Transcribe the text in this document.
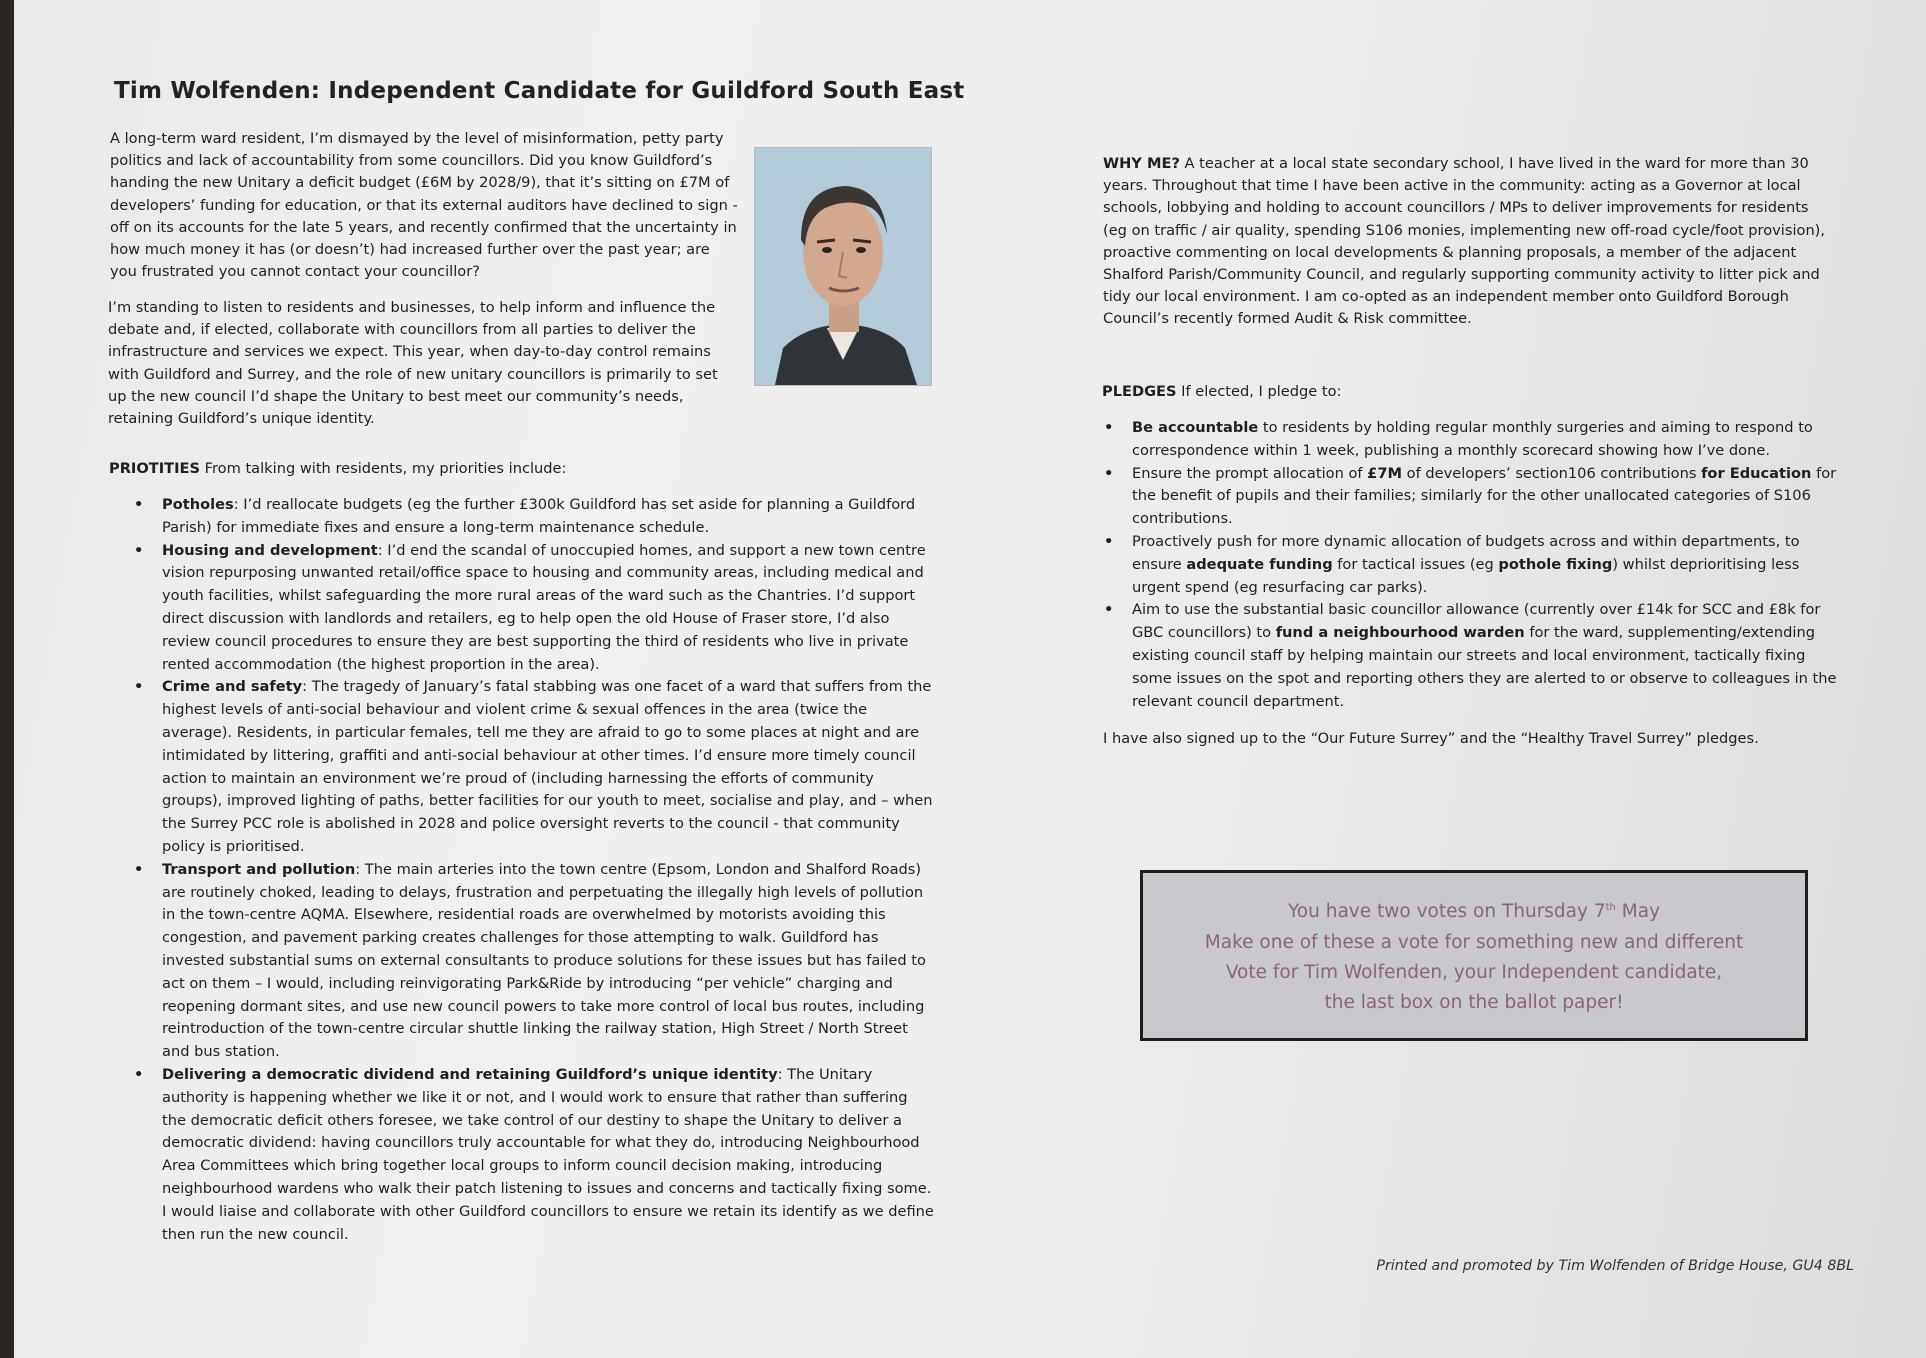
Tim Wolfenden: Independent Candidate for Guildford South East

A long-term ward resident, I’m dismayed by the level of misinformation, petty party politics and lack of accountability from some councillors. Did you know Guildford’s handing the new Unitary a deficit budget (£6M by 2028/9), that it’s sitting on £7M of developers’ funding for education, or that its external auditors have declined to sign - off on its accounts for the late 5 years, and recently confirmed that the uncertainty in how much money it has (or doesn’t) had increased further over the past year; are you frustrated you cannot contact your councillor?

I’m standing to listen to residents and businesses, to help inform and influence the debate and, if elected, collaborate with councillors from all parties to deliver the infrastructure and services we expect. This year, when day-to-day control remains with Guildford and Surrey, and the role of new unitary councillors is primarily to set up the new council I’d shape the Unitary to best meet our community’s needs, retaining Guildford’s unique identity.

PRIOTITIES From talking with residents, my priorities include:

• Potholes: I’d reallocate budgets (eg the further £300k Guildford has set aside for planning a Guildford Parish) for immediate fixes and ensure a long-term maintenance schedule.
• Housing and development: I’d end the scandal of unoccupied homes, and support a new town centre vision repurposing unwanted retail/office space to housing and community areas, including medical and youth facilities, whilst safeguarding the more rural areas of the ward such as the Chantries. I’d support direct discussion with landlords and retailers, eg to help open the old House of Fraser store, I’d also review council procedures to ensure they are best supporting the third of residents who live in private rented accommodation (the highest proportion in the area).
• Crime and safety: The tragedy of January’s fatal stabbing was one facet of a ward that suffers from the highest levels of anti-social behaviour and violent crime & sexual offences in the area (twice the average). Residents, in particular females, tell me they are afraid to go to some places at night and are intimidated by littering, graffiti and anti-social behaviour at other times. I’d ensure more timely council action to maintain an environment we’re proud of (including harnessing the efforts of community groups), improved lighting of paths, better facilities for our youth to meet, socialise and play, and – when the Surrey PCC role is abolished in 2028 and police oversight reverts to the council - that community policy is prioritised.
• Transport and pollution: The main arteries into the town centre (Epsom, London and Shalford Roads) are routinely choked, leading to delays, frustration and perpetuating the illegally high levels of pollution in the town-centre AQMA. Elsewhere, residential roads are overwhelmed by motorists avoiding this congestion, and pavement parking creates challenges for those attempting to walk. Guildford has invested substantial sums on external consultants to produce solutions for these issues but has failed to act on them – I would, including reinvigorating Park&Ride by introducing “per vehicle” charging and reopening dormant sites, and use new council powers to take more control of local bus routes, including reintroduction of the town-centre circular shuttle linking the railway station, High Street / North Street and bus station.
• Delivering a democratic dividend and retaining Guildford’s unique identity: The Unitary authority is happening whether we like it or not, and I would work to ensure that rather than suffering the democratic deficit others foresee, we take control of our destiny to shape the Unitary to deliver a democratic dividend: having councillors truly accountable for what they do, introducing Neighbourhood Area Committees which bring together local groups to inform council decision making, introducing neighbourhood wardens who walk their patch listening to issues and concerns and tactically fixing some. I would liaise and collaborate with other Guildford councillors to ensure we retain its identify as we define then run the new council.

WHY ME? A teacher at a local state secondary school, I have lived in the ward for more than 30 years. Throughout that time I have been active in the community: acting as a Governor at local schools, lobbying and holding to account councillors / MPs to deliver improvements for residents (eg on traffic / air quality, spending S106 monies, implementing new off-road cycle/foot provision), proactive commenting on local developments & planning proposals, a member of the adjacent Shalford Parish/Community Council, and regularly supporting community activity to litter pick and tidy our local environment. I am co-opted as an independent member onto Guildford Borough Council’s recently formed Audit & Risk committee.

PLEDGES If elected, I pledge to:

• Be accountable to residents by holding regular monthly surgeries and aiming to respond to correspondence within 1 week, publishing a monthly scorecard showing how I’ve done.
• Ensure the prompt allocation of £7M of developers’ section106 contributions for Education for the benefit of pupils and their families; similarly for the other unallocated categories of S106 contributions.
• Proactively push for more dynamic allocation of budgets across and within departments, to ensure adequate funding for tactical issues (eg pothole fixing) whilst deprioritising less urgent spend (eg resurfacing car parks).
• Aim to use the substantial basic councillor allowance (currently over £14k for SCC and £8k for GBC councillors) to fund a neighbourhood warden for the ward, supplementing/extending existing council staff by helping maintain our streets and local environment, tactically fixing some issues on the spot and reporting others they are alerted to or observe to colleagues in the relevant council department.

I have also signed up to the “Our Future Surrey” and the “Healthy Travel Surrey” pledges.

You have two votes on Thursday 7th May

Make one of these a vote for something new and different

Vote for Tim Wolfenden, your Independent candidate,

the last box on the ballot paper!

Printed and promoted by Tim Wolfenden of Bridge House, GU4 8BL
